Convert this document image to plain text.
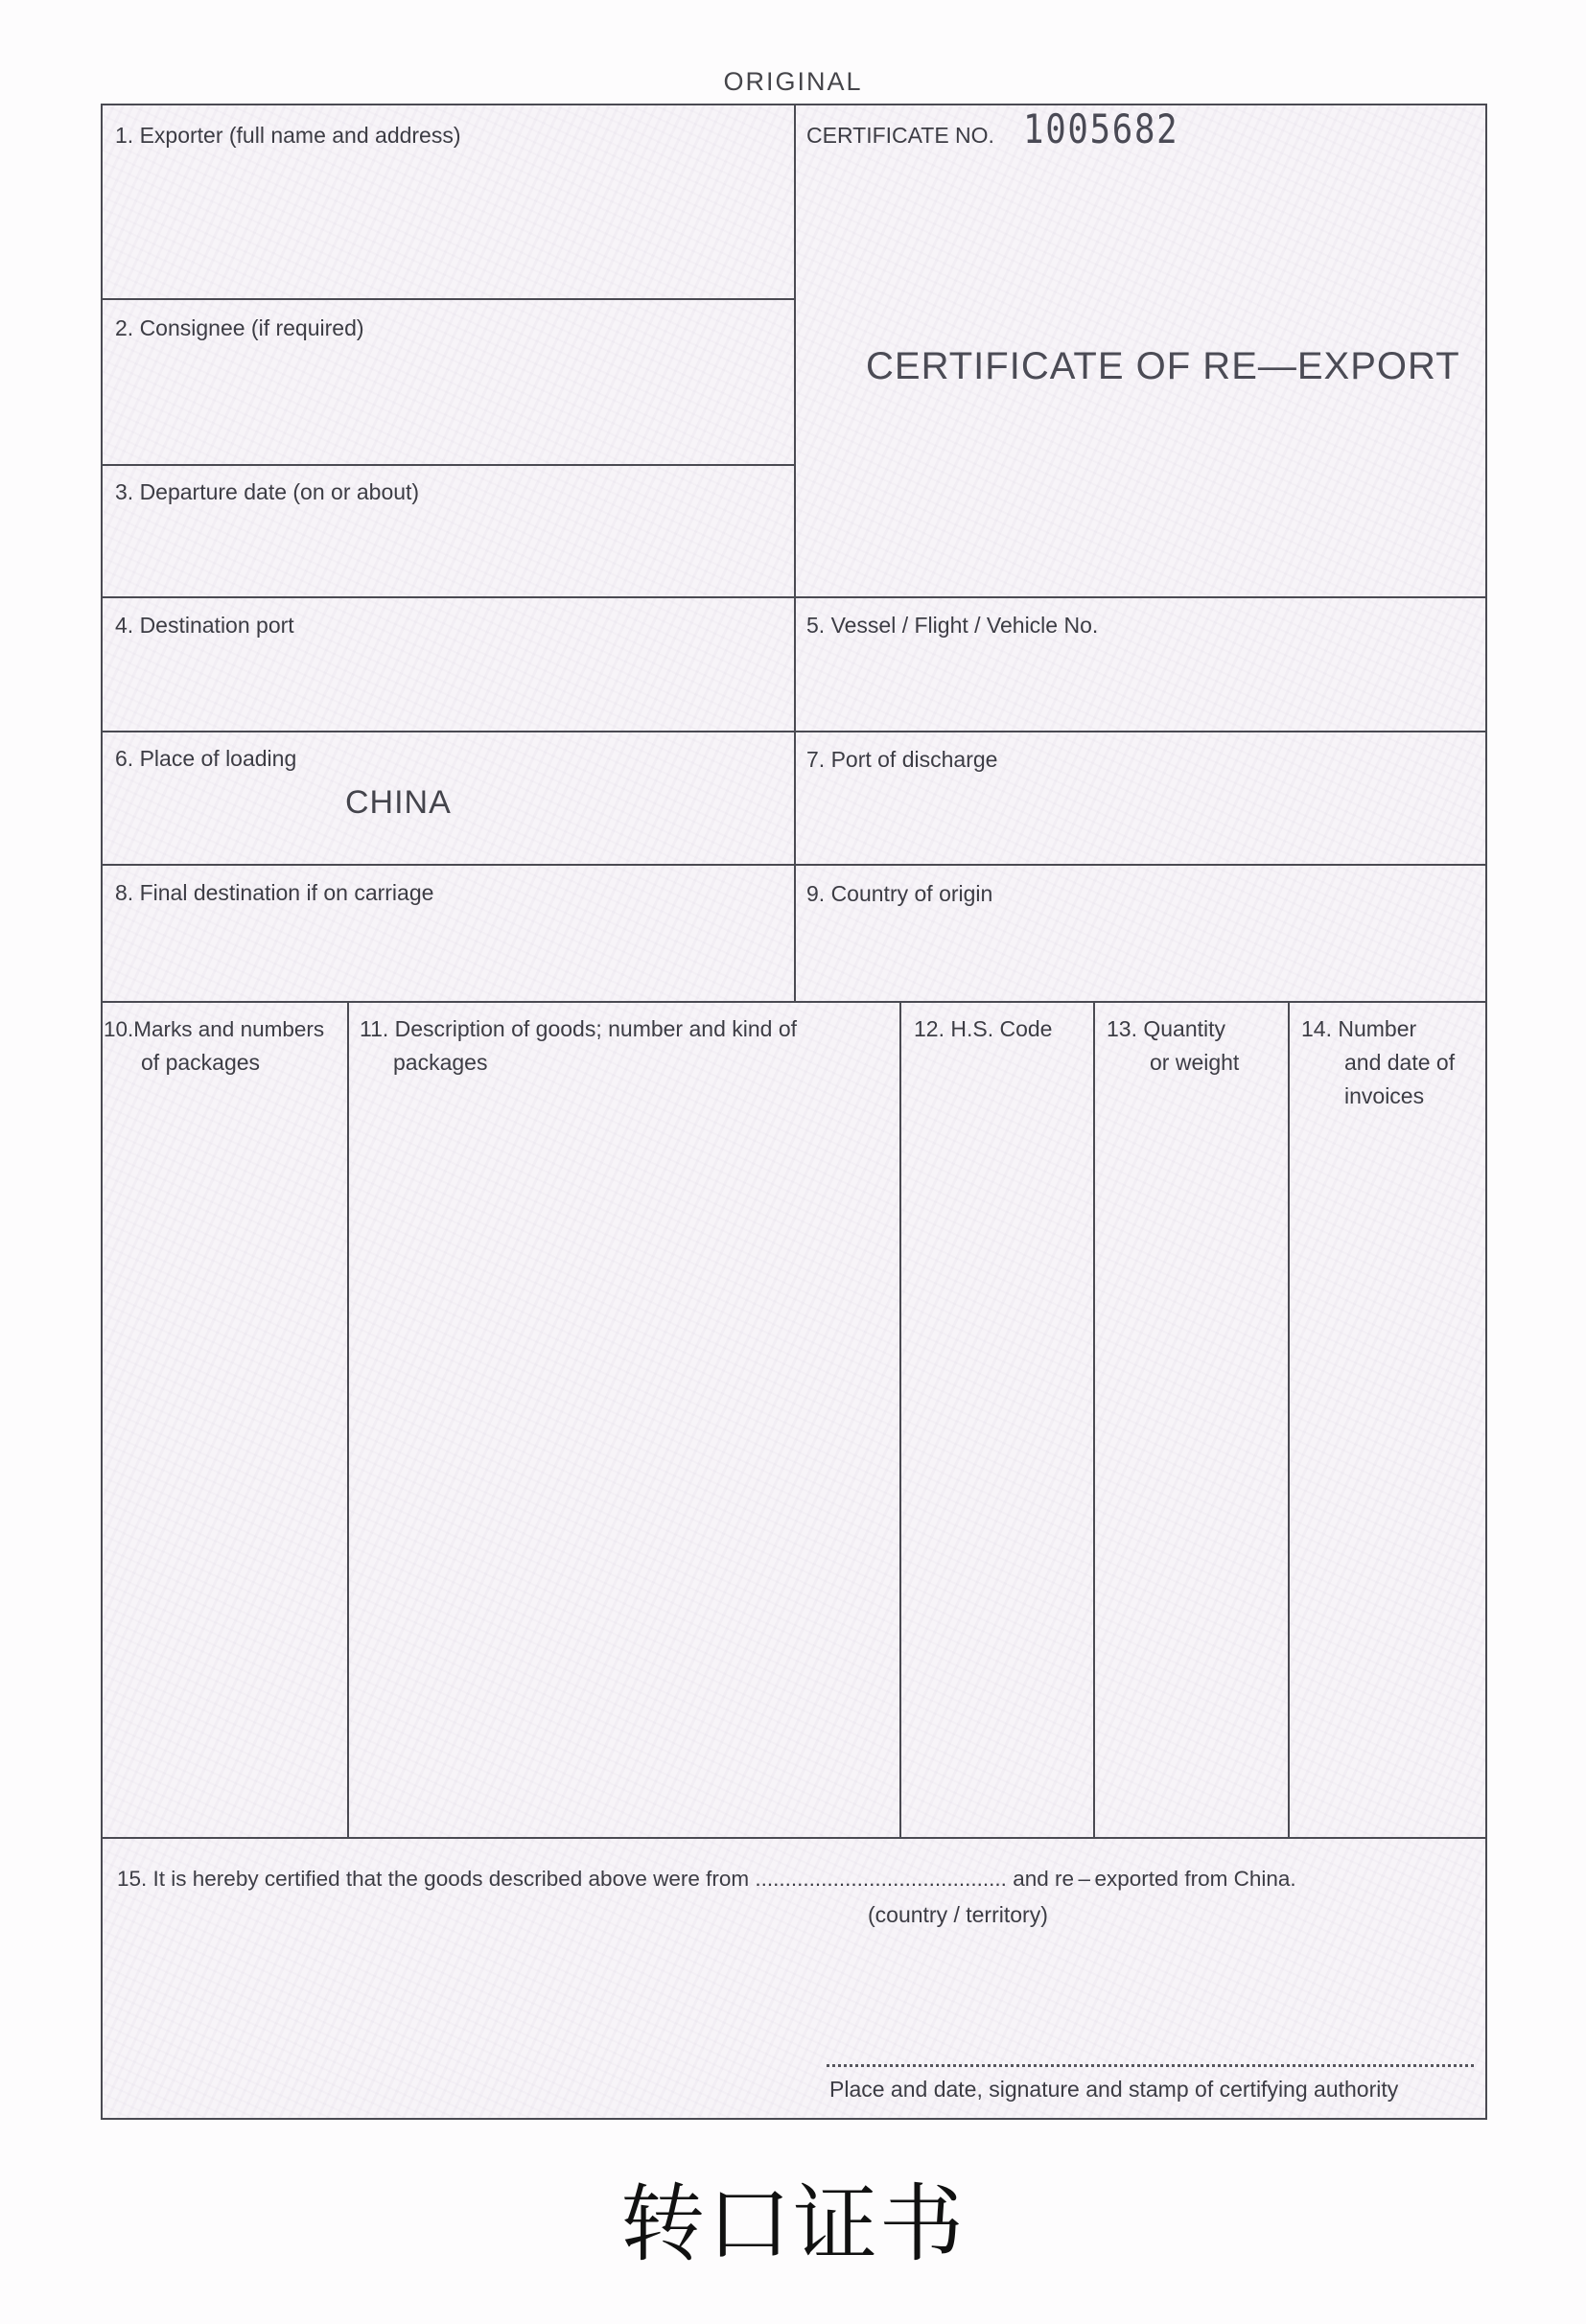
ORIGINAL
1. Exporter (full name and address)
2. Consignee (if required)
3. Departure date (on or about)
CERTIFICATE NO. 1005682
CERTIFICATE OF RE—EXPORT
4. Destination port	5. Vessel / Flight / Vehicle No.
6. Place of loading
CHINA
7. Port of discharge
8. Final destination if on carriage	9. Country of origin
10.Marks and numbers
of packages
11. Description of goods; number and kind of
packages
12. H.S. Code 13. Quantity
or weight
14. Number
and date of
invoices
15. It is hereby certified that the goods described above were from .......................................... and re – exported from China.
(country / territory)
Place and date, signature and stamp of certifying authority
转口证书
